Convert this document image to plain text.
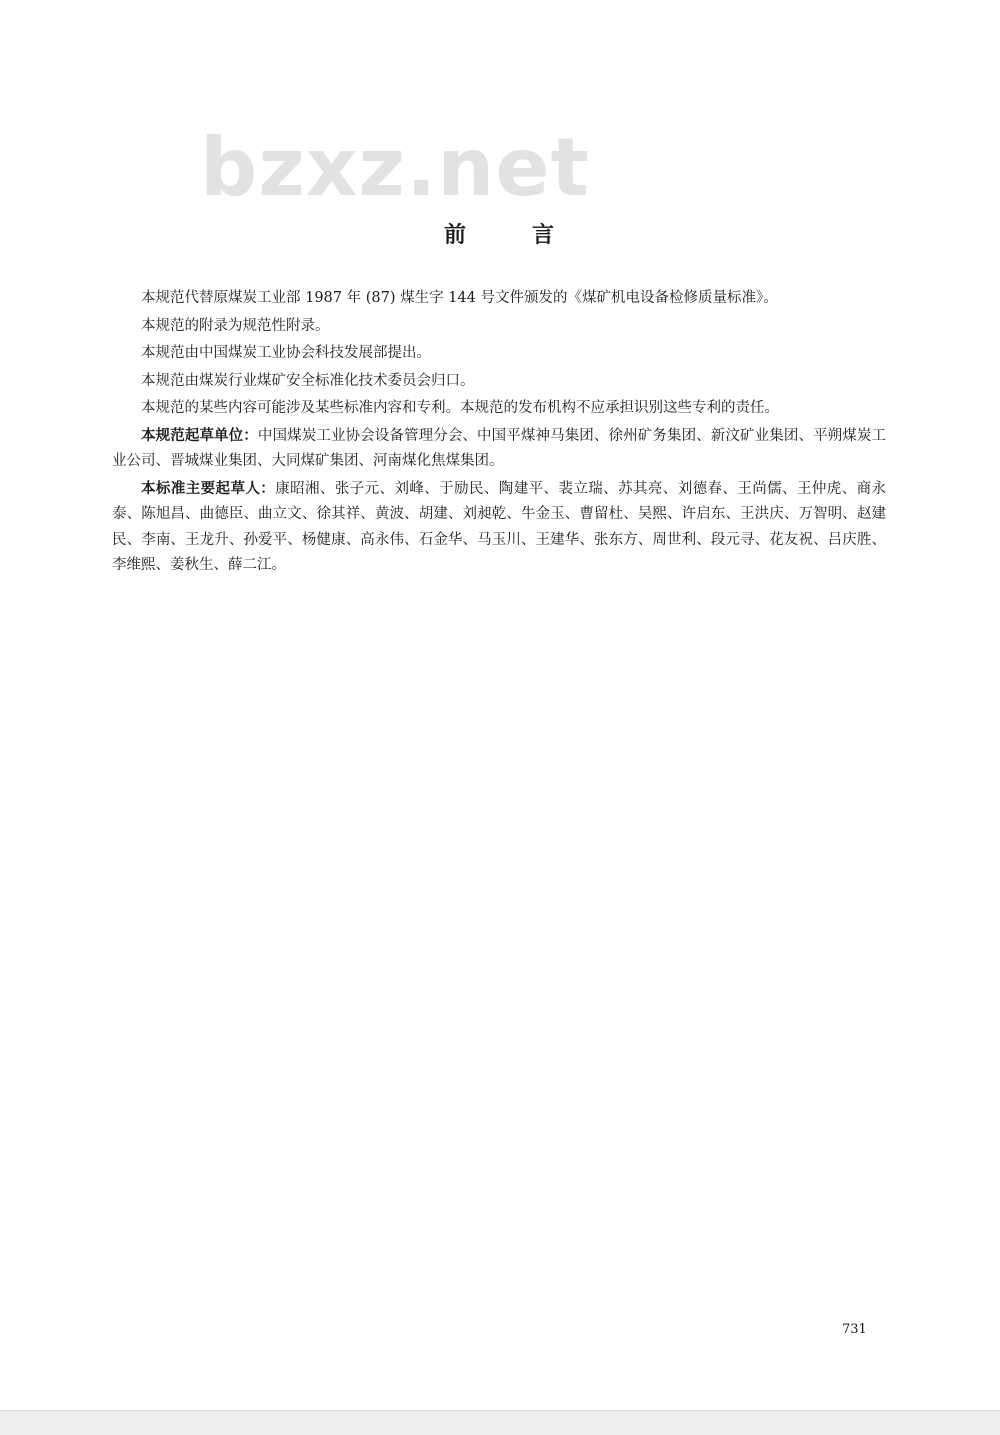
bzxz.net
前	言

本规范代替原煤炭工业部 1987 年 (87) 煤生字 144 号文件颁发的《煤矿机电设备检修质量标准》。

本规范的附录为规范性附录。

本规范由中国煤炭工业协会科技发展部提出。

本规范由煤炭行业煤矿安全标准化技术委员会归口。

本规范的某些内容可能涉及某些标准内容和专利。本规范的发布机构不应承担识别这些专利的责任。

本规范起草单位：中国煤炭工业协会设备管理分会、中国平煤神马集团、徐州矿务集团、新汶矿业集团、平朔煤炭工业公司、晋城煤业集团、大同煤矿集团、河南煤化焦煤集团。

本标准主要起草人：康昭湘、张子元、刘峰、于励民、陶建平、裴立瑞、苏其亮、刘德春、王尚儒、王仲虎、商永泰、陈旭昌、曲德臣、曲立文、徐其祥、黄波、胡建、刘昶乾、牛金玉、曹留杜、吴熙、许启东、王洪庆、万智明、赵建民、李南、王龙升、孙爱平、杨健康、高永伟、石金华、马玉川、王建华、张东方、周世利、段元寻、花友祝、吕庆胜、李维熙、姜秋生、薛二江。

731
